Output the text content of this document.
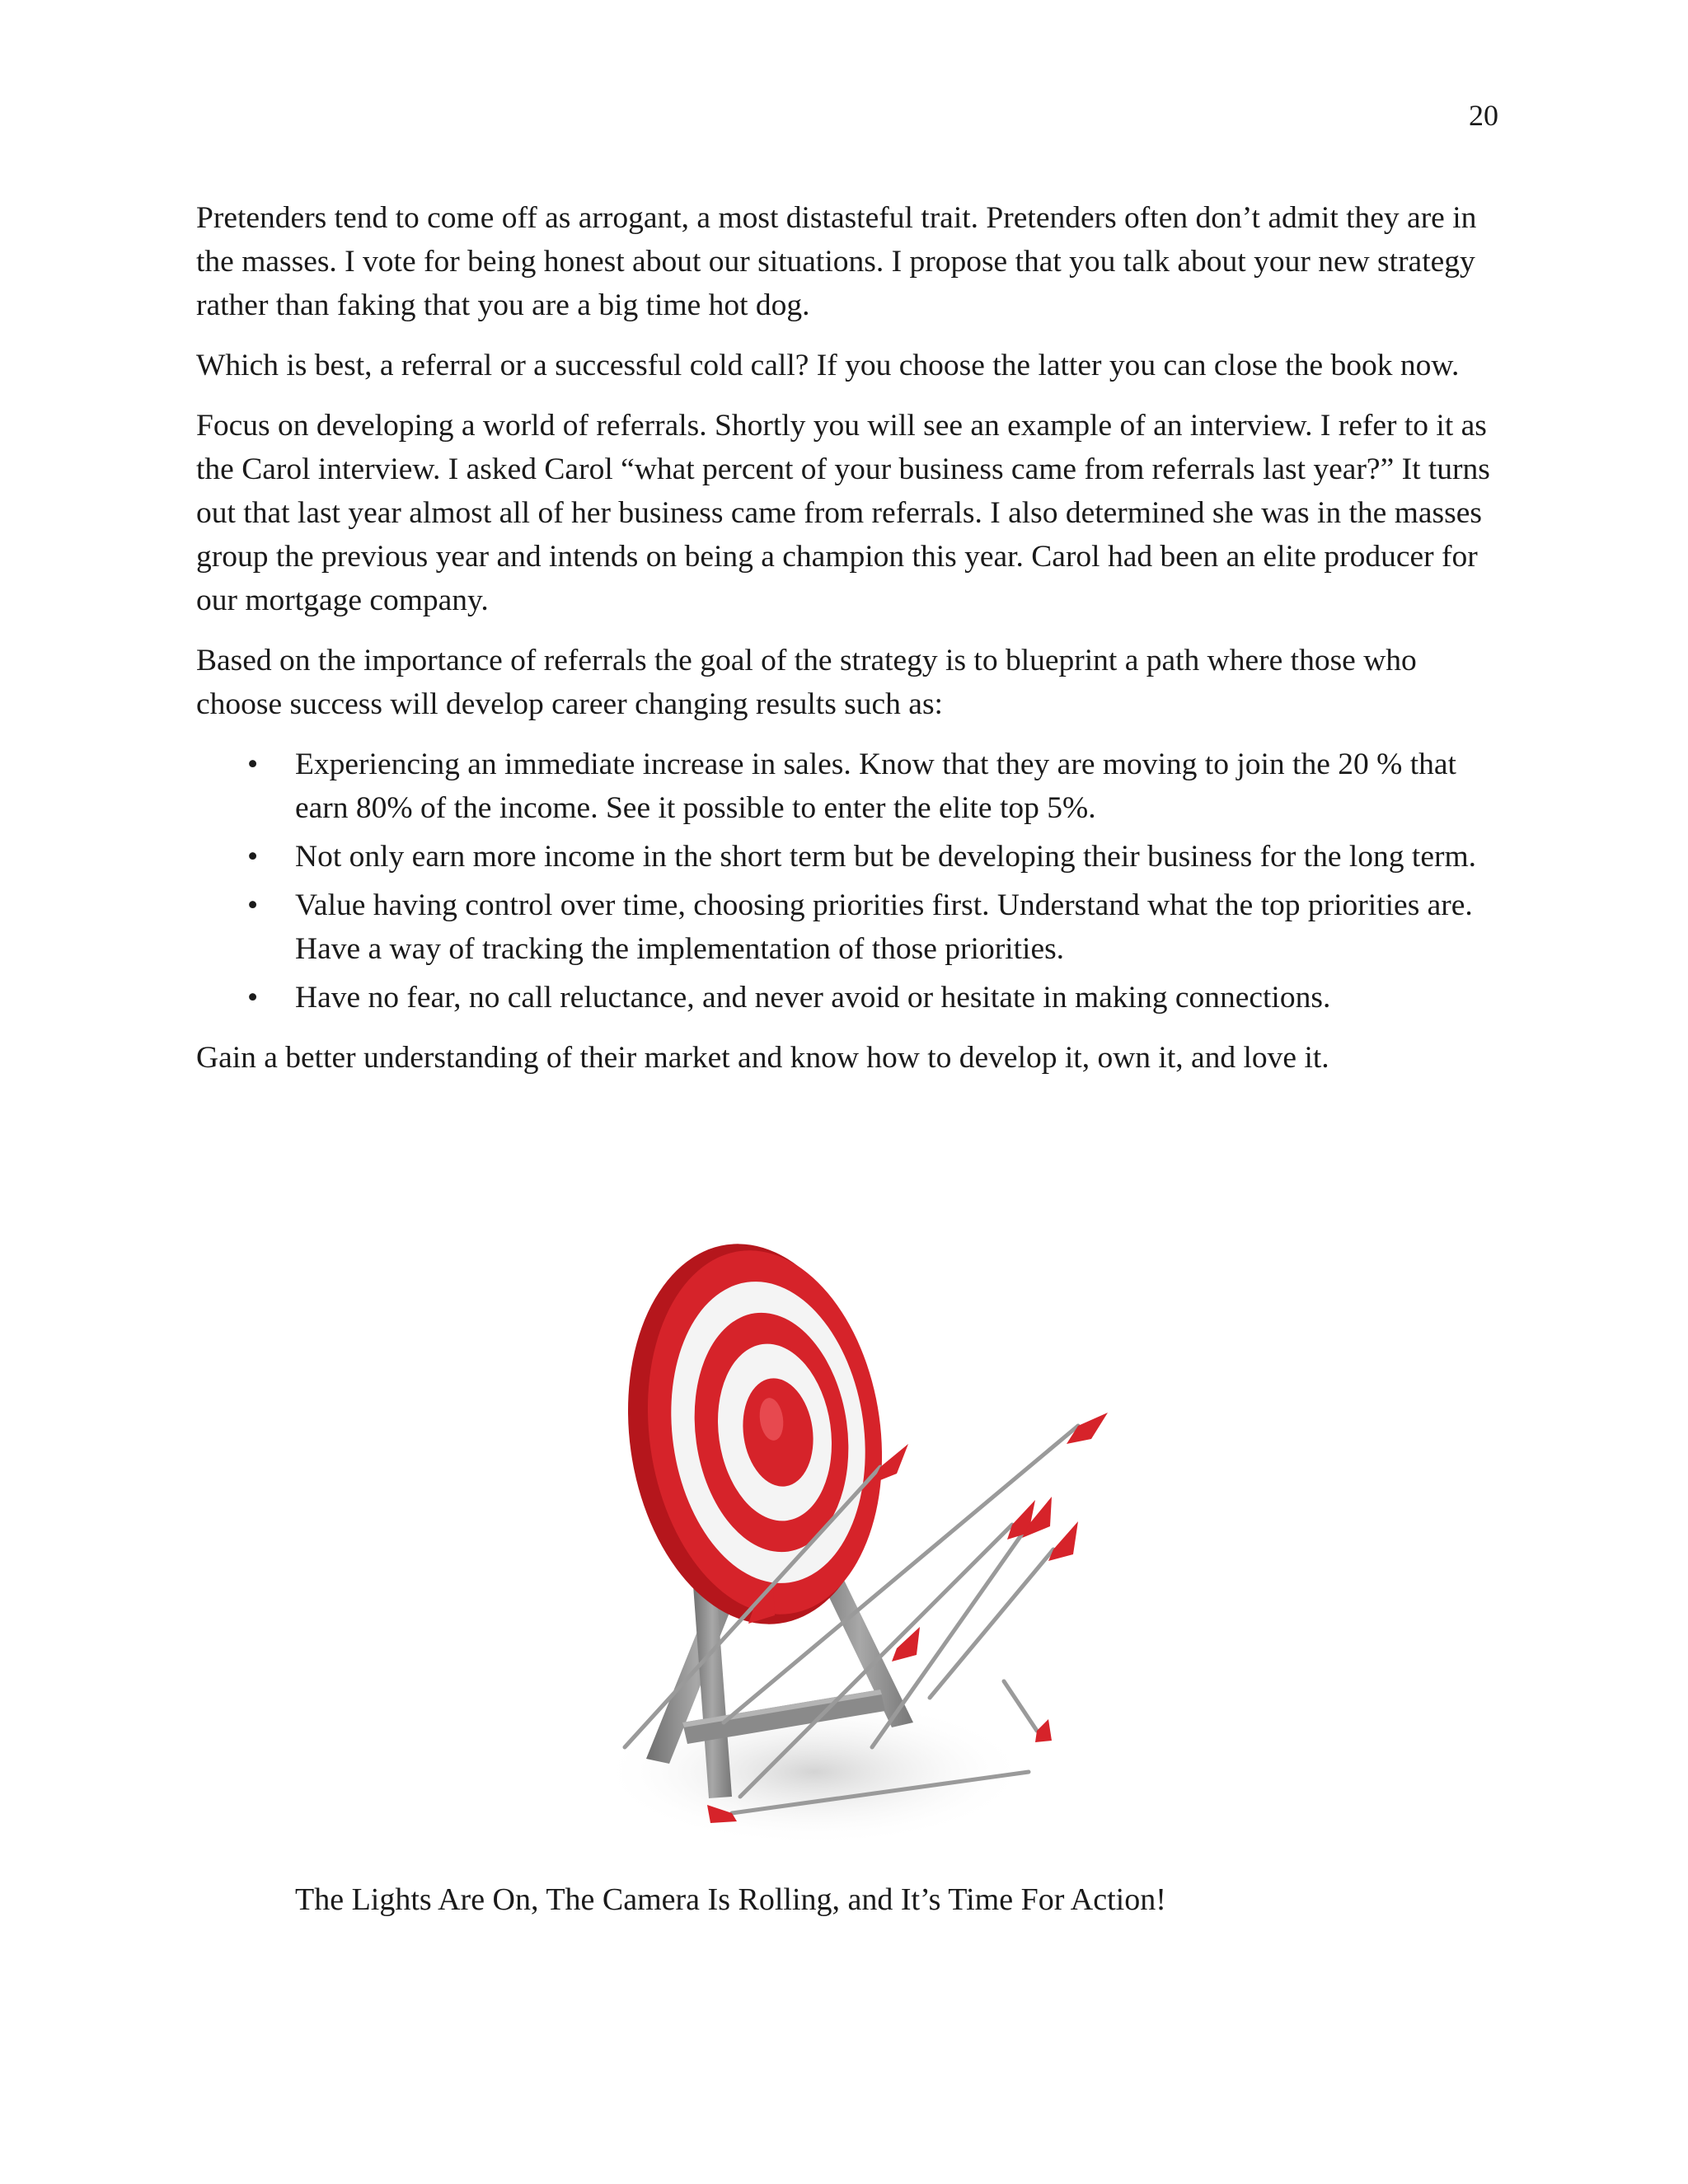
20

Pretenders tend to come off as arrogant, a most distasteful trait. Pretenders often don’t admit they are in the masses. I vote for being honest about our situations. I propose that you talk about your new strategy rather than faking that you are a big time hot dog.

Which is best, a referral or a successful cold call? If you choose the latter you can close the book now.

Focus on developing a world of referrals. Shortly you will see an example of an interview. I refer to it as the Carol interview. I asked Carol “what percent of your business came from referrals last year?” It turns out that last year almost all of her business came from referrals. I also determined she was in the masses group the previous year and intends on being a champion this year. Carol had been an elite producer for our mortgage company.

Based on the importance of referrals the goal of the strategy is to blueprint a path where those who choose success will develop career changing results such as:

• Experiencing an immediate increase in sales. Know that they are moving to join the 20 % that earn 80% of the income. See it possible to enter the elite top 5%.
• Not only earn more income in the short term but be developing their business for the long term.
• Value having control over time, choosing priorities first. Understand what the top priorities are. Have a way of tracking the implementation of those priorities.
• Have no fear, no call reluctance, and never avoid or hesitate in making connections.

Gain a better understanding of their market and know how to develop it, own it, and love it.

The Lights Are On, The Camera Is Rolling, and It’s Time For Action!
